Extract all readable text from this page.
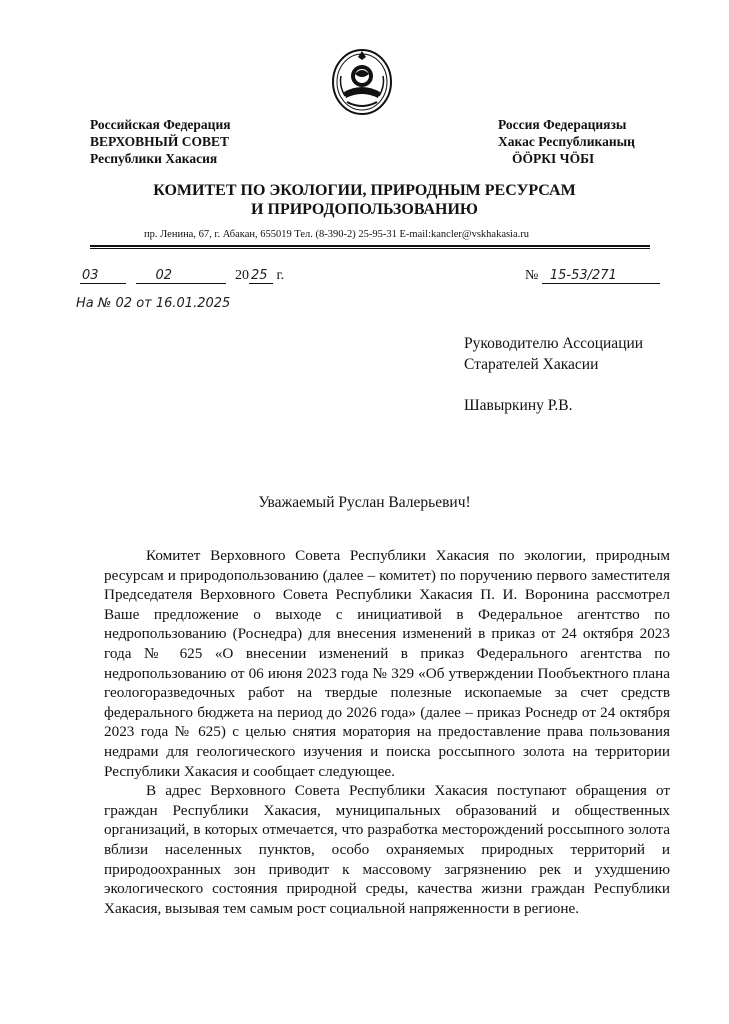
Российская Федерация
ВЕРХОВНЫЙ СОВЕТ
Республики Хакасия
Россия Федерациязы
Хакас Республиканың
ӦӦРКІ ЧӦБІ
КОМИТЕТ ПО ЭКОЛОГИИ, ПРИРОДНЫМ РЕСУРСАМ
И ПРИРОДОПОЛЬЗОВАНИЮ
пр. Ленина, 67, г. Абакан, 655019 Тел. (8-390-2) 25-95-31 E-mail:kancler@vskhakasia.ru
03	02	20 25 г.	№ 15-53/271
На № 02 от 16.01.2025
Руководителю Ассоциации
Старателей Хакасии
Шавыркину Р.В.
Уважаемый Руслан Валерьевич!

Комитет Верховного Совета Республики Хакасия по экологии, природным ресурсам и природопользованию (далее – комитет) по поручению первого заместителя Председателя Верховного Совета Республики Хакасия П. И. Воронина рассмотрел Ваше предложение о выходе с инициативой в Федеральное агентство по недропользованию (Роснедра) для внесения изменений в приказ от 24 октября 2023 года № 625 «О внесении изменений в приказ Федерального агентства по недропользованию от 06 июня 2023 года № 329 «Об утверждении Пообъектного плана геологоразведочных работ на твердые полезные ископаемые за счет средств федерального бюджета на период до 2026 года» (далее – приказ Роснедр от 24 октября 2023 года № 625) с целью снятия моратория на предоставление права пользования недрами для геологического изучения и поиска россыпного золота на территории Республики Хакасия и сообщает следующее.

В адрес Верховного Совета Республики Хакасия поступают обращения от граждан Республики Хакасия, муниципальных образований и общественных организаций, в которых отмечается, что разработка месторождений россыпного золота вблизи населенных пунктов, особо охраняемых природных территорий и природоохранных зон приводит к массовому загрязнению рек и ухудшению экологического состояния природной среды, качества жизни граждан Республики Хакасия, вызывая тем самым рост социальной напряженности в регионе.
